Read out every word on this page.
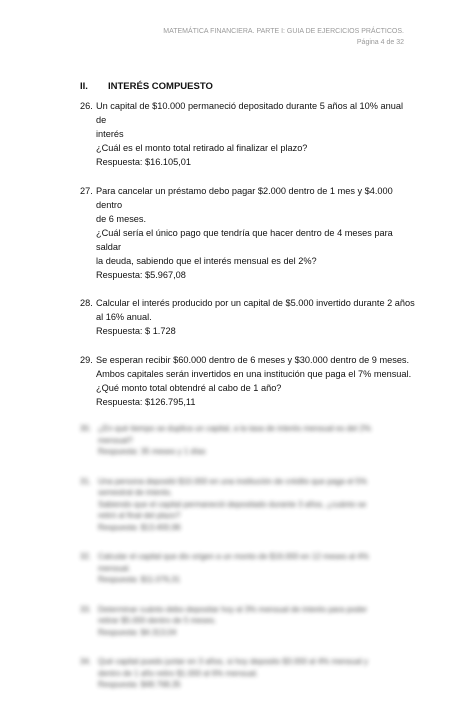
MATEMÁTICA FINANCIERA. PARTE I: GUIA DE EJERCICIOS PRÁCTICOS.
Página 4 de 32
II. INTERÉS COMPUESTO
26. Un capital de $10.000 permaneció depositado durante 5 años al 10% anual de
interés
¿Cuál es el monto total retirado al finalizar el plazo?
Respuesta: $16.105,01
27. Para cancelar un préstamo debo pagar $2.000 dentro de 1 mes y $4.000 dentro
de 6 meses.
¿Cuál sería el único pago que tendría que hacer dentro de 4 meses para saldar
la deuda, sabiendo que el interés mensual es del 2%?
Respuesta: $5.967,08
28. Calcular el interés producido por un capital de $5.000 invertido durante 2 años
al 16% anual.
Respuesta: $ 1.728
29. Se esperan recibir $60.000 dentro de 6 meses y $30.000 dentro de 9 meses.
Ambos capitales serán invertidos en una institución que paga el 7% mensual.
¿Qué monto total obtendré al cabo de 1 año?
Respuesta: $126.795,11
30. ¿En qué tiempo se duplica un capital, a la tasa de interés mensual es del 2%
mensual?
Respuesta: 35 meses y 1 días
31. Una persona depositó $10.000 en una institución de crédito que paga el 5%
semestral de interés.
Sabiendo que el capital permaneció depositado durante 3 años, ¿cuánto se
retiró al final del plazo?
Respuesta: $13.400,96
32. Calcular el capital que dio origen a un monto de $16.000 en 12 meses al 4%
mensual.
Respuesta: $11.076,31
33. Determinar cuánto debo depositar hoy al 3% mensual de interés para poder
retirar $5.000 dentro de 5 meses.
Respuesta: $4.313,04
34. Qué capital puedo juntar en 3 años, si hoy deposito $3.000 al 4% mensual y
dentro de 1 año retiro $1.000 al 6% mensual.
Respuesta: $48.768,35
